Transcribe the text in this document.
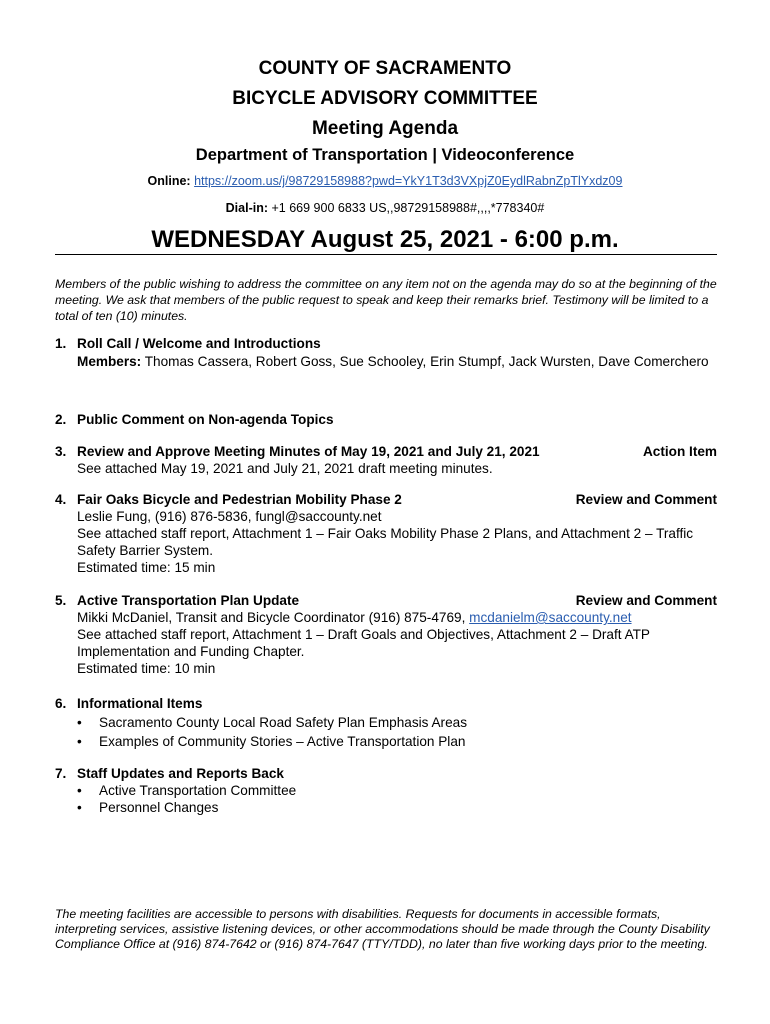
COUNTY OF SACRAMENTO
BICYCLE ADVISORY COMMITTEE
Meeting Agenda
Department of Transportation | Videoconference
Online: https://zoom.us/j/98729158988?pwd=YkY1T3d3VXpjZ0EydlRabnZpTlYxdz09
Dial-in: +1 669 900 6833 US,,98729158988#,,,,*778340#
WEDNESDAY August 25, 2021 - 6:00 p.m.
Members of the public wishing to address the committee on any item not on the agenda may do so at the beginning of the meeting. We ask that members of the public request to speak and keep their remarks brief. Testimony will be limited to a total of ten (10) minutes.
1. Roll Call / Welcome and Introductions
Members: Thomas Cassera, Robert Goss, Sue Schooley, Erin Stumpf, Jack Wursten, Dave Comerchero
2. Public Comment on Non-agenda Topics
3. Review and Approve Meeting Minutes of May 19, 2021 and July 21, 2021	Action Item
See attached May 19, 2021 and July 21, 2021 draft meeting minutes.
4. Fair Oaks Bicycle and Pedestrian Mobility Phase 2	Review and Comment
Leslie Fung, (916) 876-5836, fungl@saccounty.net
See attached staff report, Attachment 1 – Fair Oaks Mobility Phase 2 Plans, and Attachment 2 – Traffic Safety Barrier System.
Estimated time: 15 min
5. Active Transportation Plan Update	Review and Comment
Mikki McDaniel, Transit and Bicycle Coordinator (916) 875-4769, mcdanielm@saccounty.net
See attached staff report, Attachment 1 – Draft Goals and Objectives, Attachment 2 – Draft ATP Implementation and Funding Chapter.
Estimated time: 10 min
6. Informational Items
• Sacramento County Local Road Safety Plan Emphasis Areas
• Examples of Community Stories – Active Transportation Plan
7. Staff Updates and Reports Back
• Active Transportation Committee
• Personnel Changes
The meeting facilities are accessible to persons with disabilities. Requests for documents in accessible formats, interpreting services, assistive listening devices, or other accommodations should be made through the County Disability Compliance Office at (916) 874-7642 or (916) 874-7647 (TTY/TDD), no later than five working days prior to the meeting.
